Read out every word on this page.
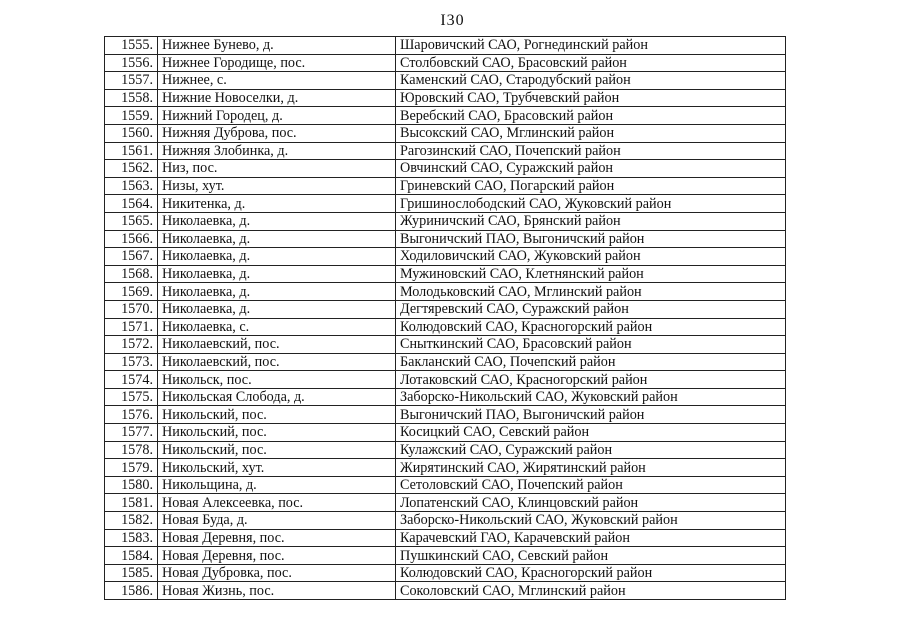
I30
1555.	Нижнее Бунево, д.	Шаровичский САО, Рогнединский район
1556.	Нижнее Городище, пос.	Столбовский САО, Брасовский район
1557.	Нижнее, с.	Каменский САО, Стародубский район
1558.	Нижние Новоселки, д.	Юровский САО, Трубчевский район
1559.	Нижний Городец, д.	Веребский САО, Брасовский район
1560.	Нижняя Дуброва, пос.	Высокский САО, Мглинский район
1561.	Нижняя Злобинка, д.	Рагозинский САО, Почепский район
1562.	Низ, пос.	Овчинский САО, Суражский район
1563.	Низы, хут.	Гриневский САО, Погарский район
1564.	Никитенка, д.	Гришинослободский САО, Жуковский район
1565.	Николаевка, д.	Журиничский САО, Брянский район
1566.	Николаевка, д.	Выгоничский ПАО, Выгоничский район
1567.	Николаевка, д.	Ходиловичский САО, Жуковский район
1568.	Николаевка, д.	Мужиновский САО, Клетнянский район
1569.	Николаевка, д.	Молодьковский САО, Мглинский район
1570.	Николаевка, д.	Дегтяревский САО, Суражский район
1571.	Николаевка, с.	Колюдовский САО, Красногорский район
1572.	Николаевский, пос.	Сныткинский САО, Брасовский район
1573.	Николаевский, пос.	Бакланский САО, Почепский район
1574.	Никольск, пос.	Лотаковский САО, Красногорский район
1575.	Никольская Слобода, д.	Заборско-Никольский САО, Жуковский район
1576.	Никольский, пос.	Выгоничский ПАО, Выгоничский район
1577.	Никольский, пос.	Косицкий САО, Севский район
1578.	Никольский, пос.	Кулажский САО, Суражский район
1579.	Никольский, хут.	Жирятинский САО, Жирятинский район
1580.	Никольщина, д.	Сетоловский САО, Почепский район
1581.	Новая Алексеевка, пос.	Лопатенский САО, Клинцовский район
1582.	Новая Буда, д.	Заборско-Никольский САО, Жуковский район
1583.	Новая Деревня, пос.	Карачевский ГАО, Карачевский район
1584.	Новая Деревня, пос.	Пушкинский САО, Севский район
1585.	Новая Дубровка, пос.	Колюдовский САО, Красногорский район
1586.	Новая Жизнь, пос.	Соколовский САО, Мглинский район
